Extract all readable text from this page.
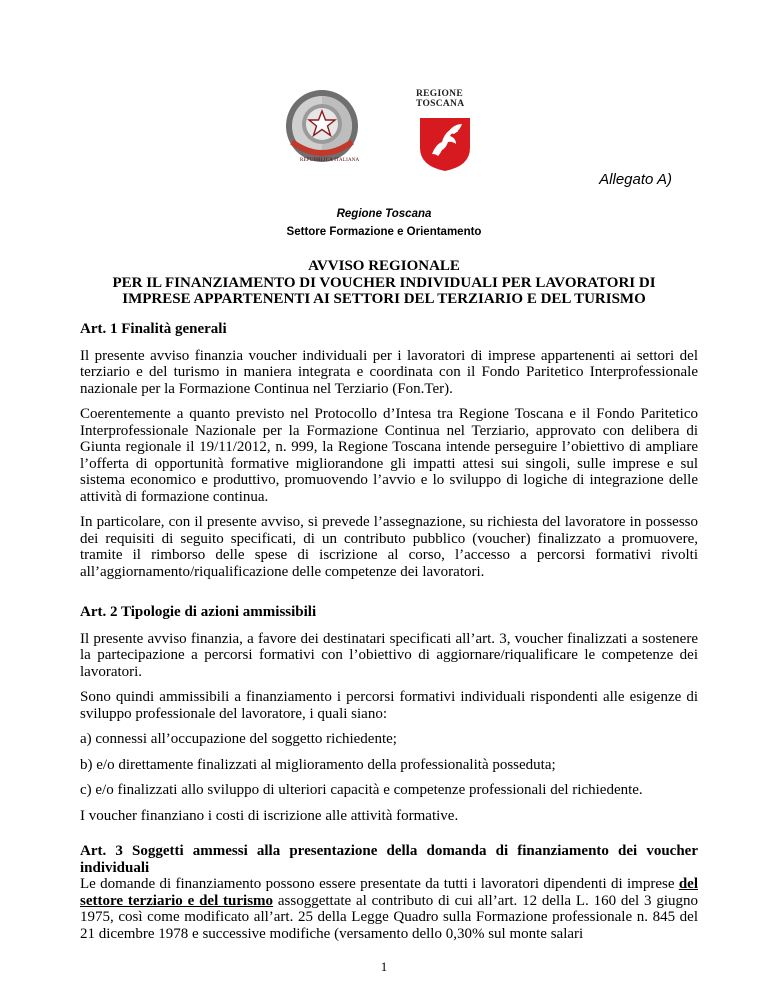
REPUBBLICA ITALIANA
REGIONE
TOSCANA
Allegato A)
Regione Toscana
Settore Formazione e Orientamento
AVVISO REGIONALE
PER IL FINANZIAMENTO DI VOUCHER INDIVIDUALI PER LAVORATORI DI
IMPRESE APPARTENENTI AI SETTORI DEL TERZIARIO E DEL TURISMO

Art. 1 Finalità generali

Il presente avviso finanzia voucher individuali per i lavoratori di imprese appartenenti ai settori del terziario e del turismo in maniera integrata e coordinata con il Fondo Paritetico Interprofessionale nazionale per la Formazione Continua nel Terziario (Fon.Ter).

Coerentemente a quanto previsto nel Protocollo d’Intesa tra Regione Toscana e il Fondo Paritetico Interprofessionale Nazionale per la Formazione Continua nel Terziario, approvato con delibera di Giunta regionale il 19/11/2012, n. 999, la Regione Toscana intende perseguire l’obiettivo di ampliare l’offerta di opportunità formative migliorandone gli impatti attesi sui singoli, sulle imprese e sul sistema economico e produttivo, promuovendo l’avvio e lo sviluppo di logiche di integrazione delle attività di formazione continua.

In particolare, con il presente avviso, si prevede l’assegnazione, su richiesta del lavoratore in possesso dei requisiti di seguito specificati, di un contributo pubblico (voucher) finalizzato a promuovere, tramite il rimborso delle spese di iscrizione al corso, l’accesso a percorsi formativi rivolti all’aggiornamento/riqualificazione delle competenze dei lavoratori.

Art. 2 Tipologie di azioni ammissibili

Il presente avviso finanzia, a favore dei destinatari specificati all’art. 3, voucher finalizzati a sostenere la partecipazione a percorsi formativi con l’obiettivo di aggiornare/riqualificare le competenze dei lavoratori.

Sono quindi ammissibili a finanziamento i percorsi formativi individuali rispondenti alle esigenze di sviluppo professionale del lavoratore, i quali siano:

a) connessi all’occupazione del soggetto richiedente;

b) e/o direttamente finalizzati al miglioramento della professionalità posseduta;

c) e/o finalizzati allo sviluppo di ulteriori capacità e competenze professionali del richiedente.

I voucher finanziano i costi di iscrizione alle attività formative.

Art. 3 Soggetti ammessi alla presentazione della domanda di finanziamento dei voucher individuali

Le domande di finanziamento possono essere presentate da tutti i lavoratori dipendenti di imprese del settore terziario e del turismo assoggettate al contributo di cui all’art. 12 della L. 160 del 3 giugno 1975, così come modificato all’art. 25 della Legge Quadro sulla Formazione professionale n. 845 del 21 dicembre 1978 e successive modifiche (versamento dello 0,30% sul monte salari

1
